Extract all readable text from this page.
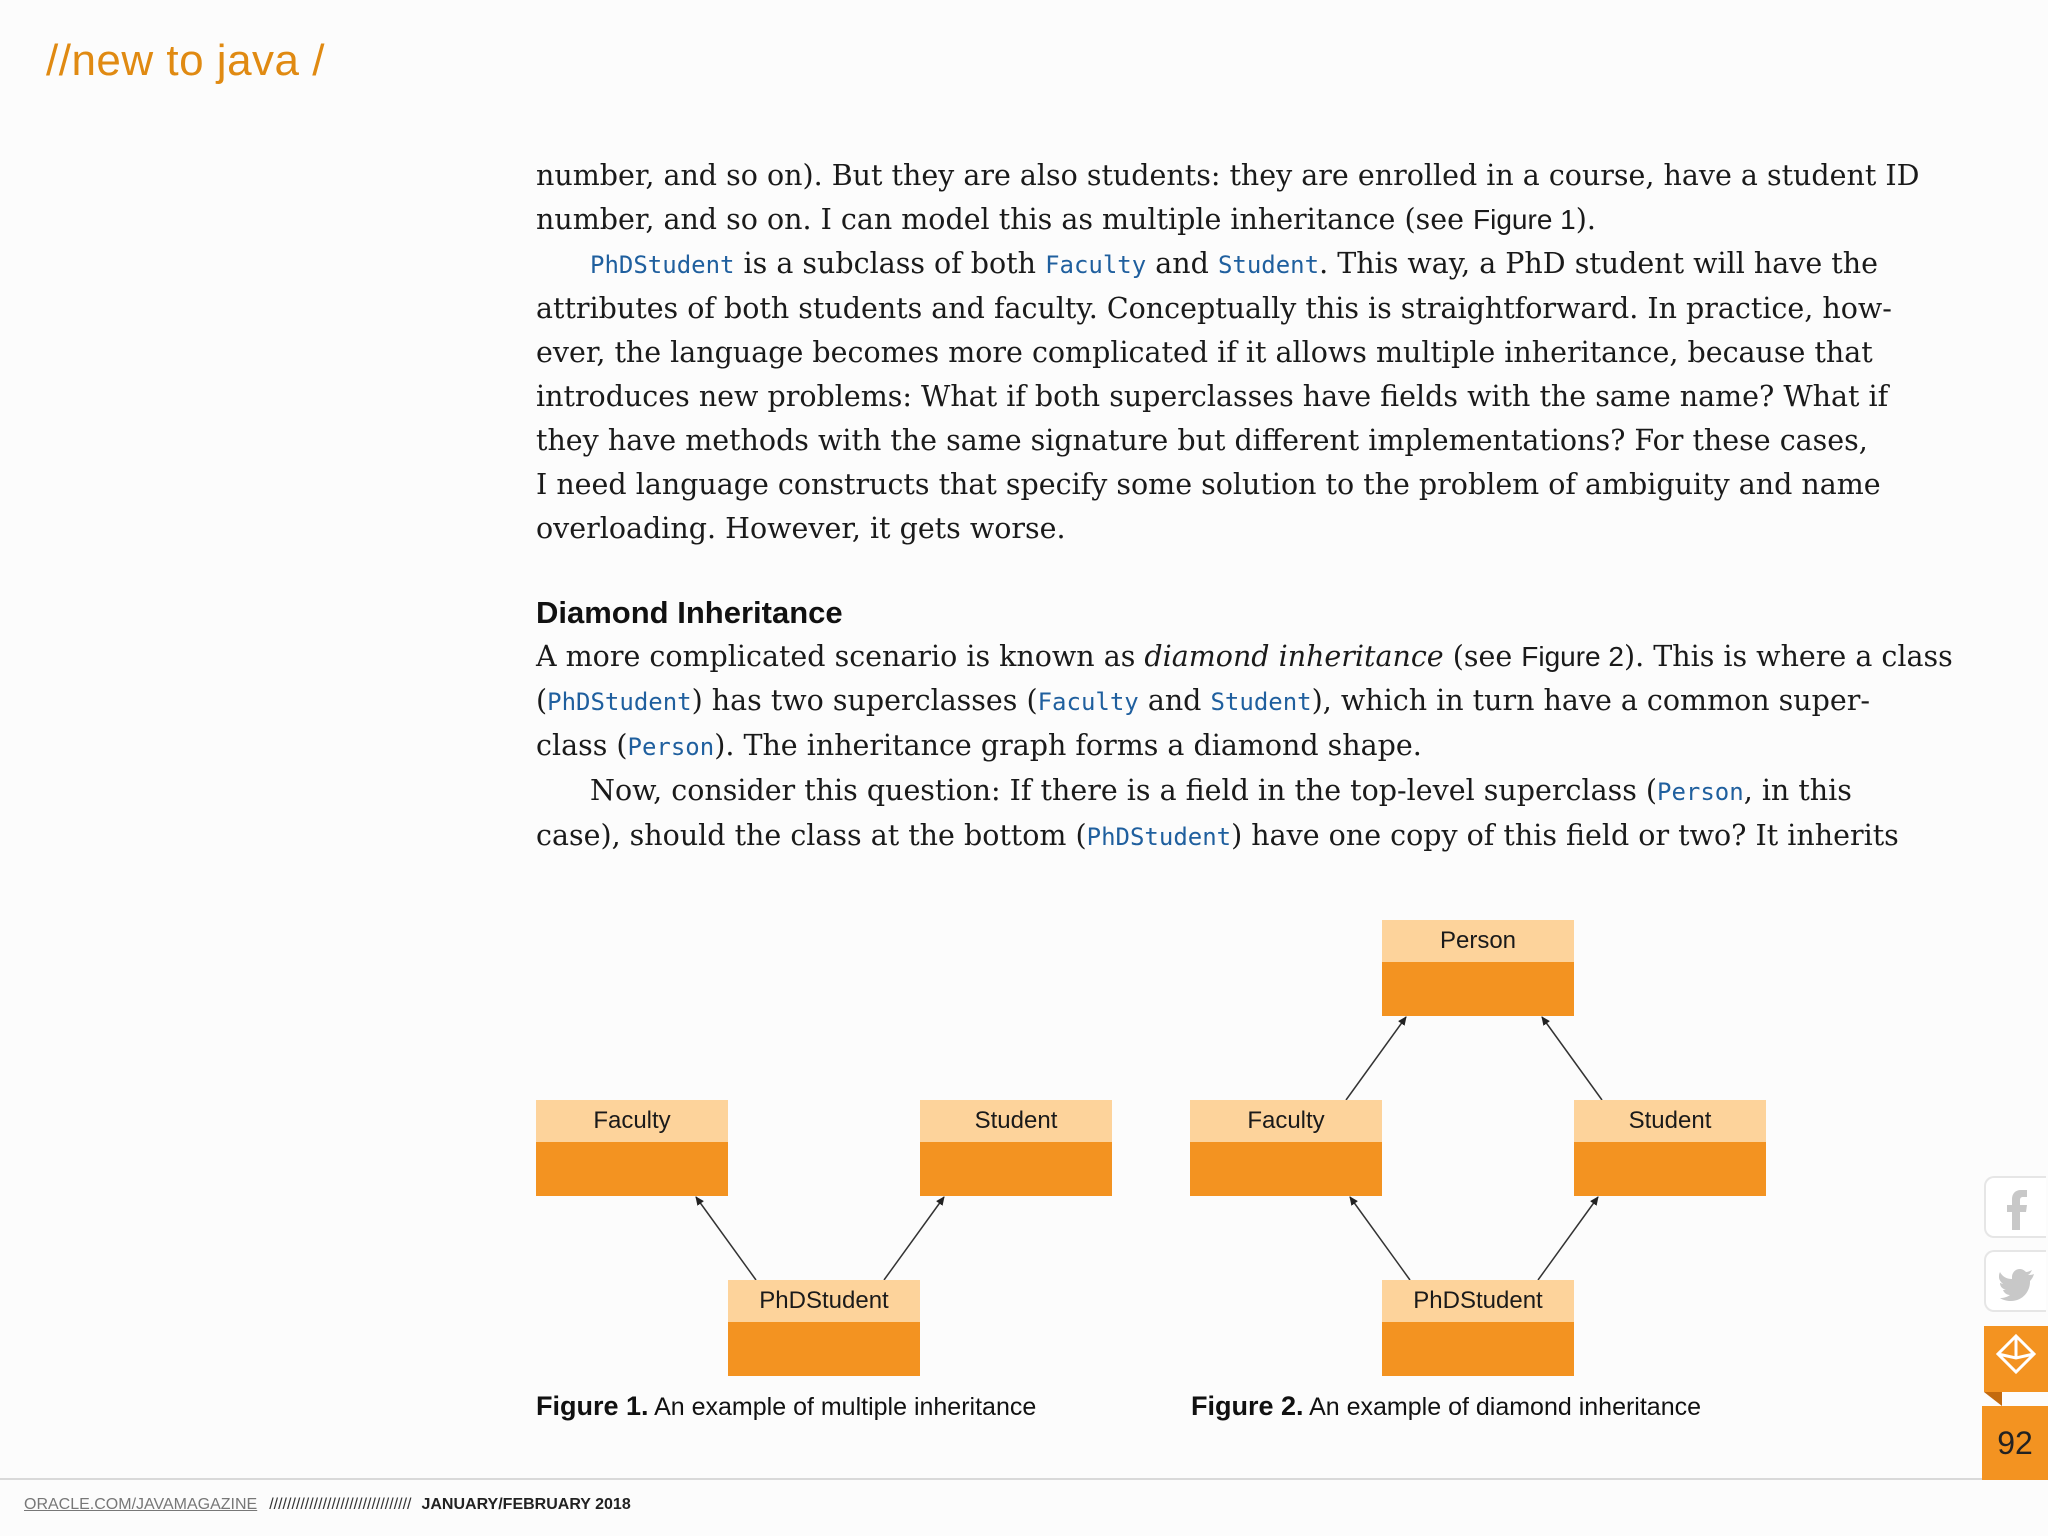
//new to java /

number, and so on). But they are also students: they are enrolled in a course, have a student ID
number, and so on. I can model this as multiple inheritance (see Figure 1).

PhDStudent is a subclass of both Faculty and Student. This way, a PhD student will have the

attributes of both students and faculty. Conceptually this is straightforward. In practice, how-
ever, the language becomes more complicated if it allows multiple inheritance, because that
introduces new problems: What if both superclasses have fields with the same name? What if
they have methods with the same signature but different implementations? For these cases,
I need language constructs that specify some solution to the problem of ambiguity and name
overloading. However, it gets worse.

Diamond Inheritance

A more complicated scenario is known as diamond inheritance (see Figure 2). This is where a class
(PhDStudent) has two superclasses (Faculty and Student), which in turn have a common super-
class (Person). The inheritance graph forms a diamond shape.

Now, consider this question: If there is a field in the top-level superclass (Person, in this

case), should the class at the bottom (PhDStudent) have one copy of this field or two? It inherits

Faculty	Student
PhDStudent
Figure 1. An example of multiple inheritance
Person
Faculty	Student
PhDStudent
Figure 2. An example of diamond inheritance
ORACLE.COM/JAVAMAGAZINE //////////////////////////////// JANUARY/FEBRUARY 2018
92
